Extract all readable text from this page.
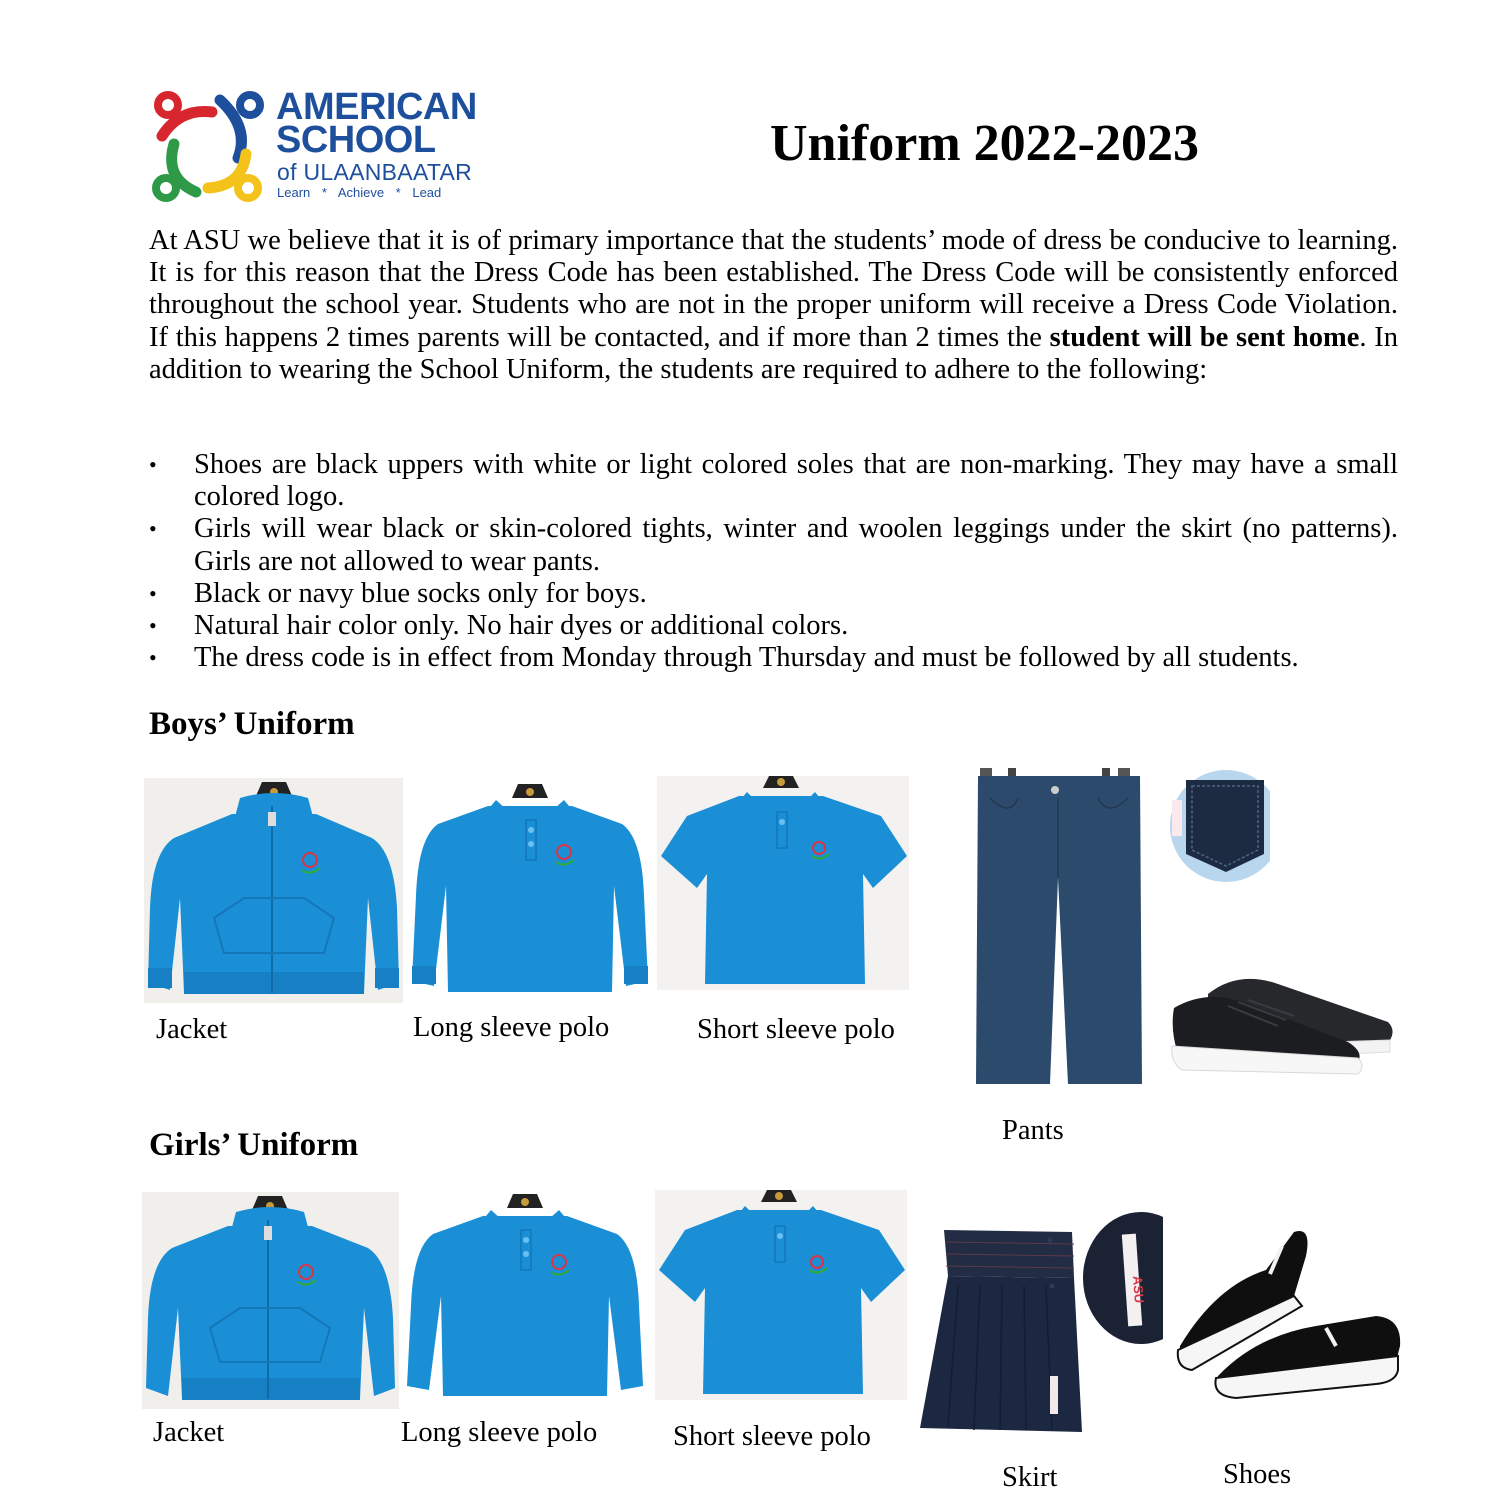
AMERICAN
SCHOOL
of ULAANBAATAR
Learn * Achieve * Lead
Uniform 2022-2023

At ASU we believe that it is of primary importance that the students’ mode of dress be conducive to learning. It is for this reason that the Dress Code has been established. The Dress Code will be consistently enforced throughout the school year. Students who are not in the proper uniform will receive a Dress Code Violation. If this happens 2 times parents will be contacted, and if more than 2 times the student will be sent home. In addition to wearing the School Uniform, the students are required to adhere to the following:

• Shoes are black uppers with white or light colored soles that are non-marking. They may have a small colored logo.
• Girls will wear black or skin-colored tights, winter and woolen leggings under the skirt (no patterns). Girls are not allowed to wear pants.
• Black or navy blue socks only for boys.
• Natural hair color only. No hair dyes or additional colors.
• The dress code is in effect from Monday through Thursday and must be followed by all students.
Boys’ Uniform
Jacket	Long sleeve polo	Short sleeve polo
Pants
Girls’ Uniform
Jacket	Long sleeve polo	Short sleeve polo
Skirt
ASU
Shoes
